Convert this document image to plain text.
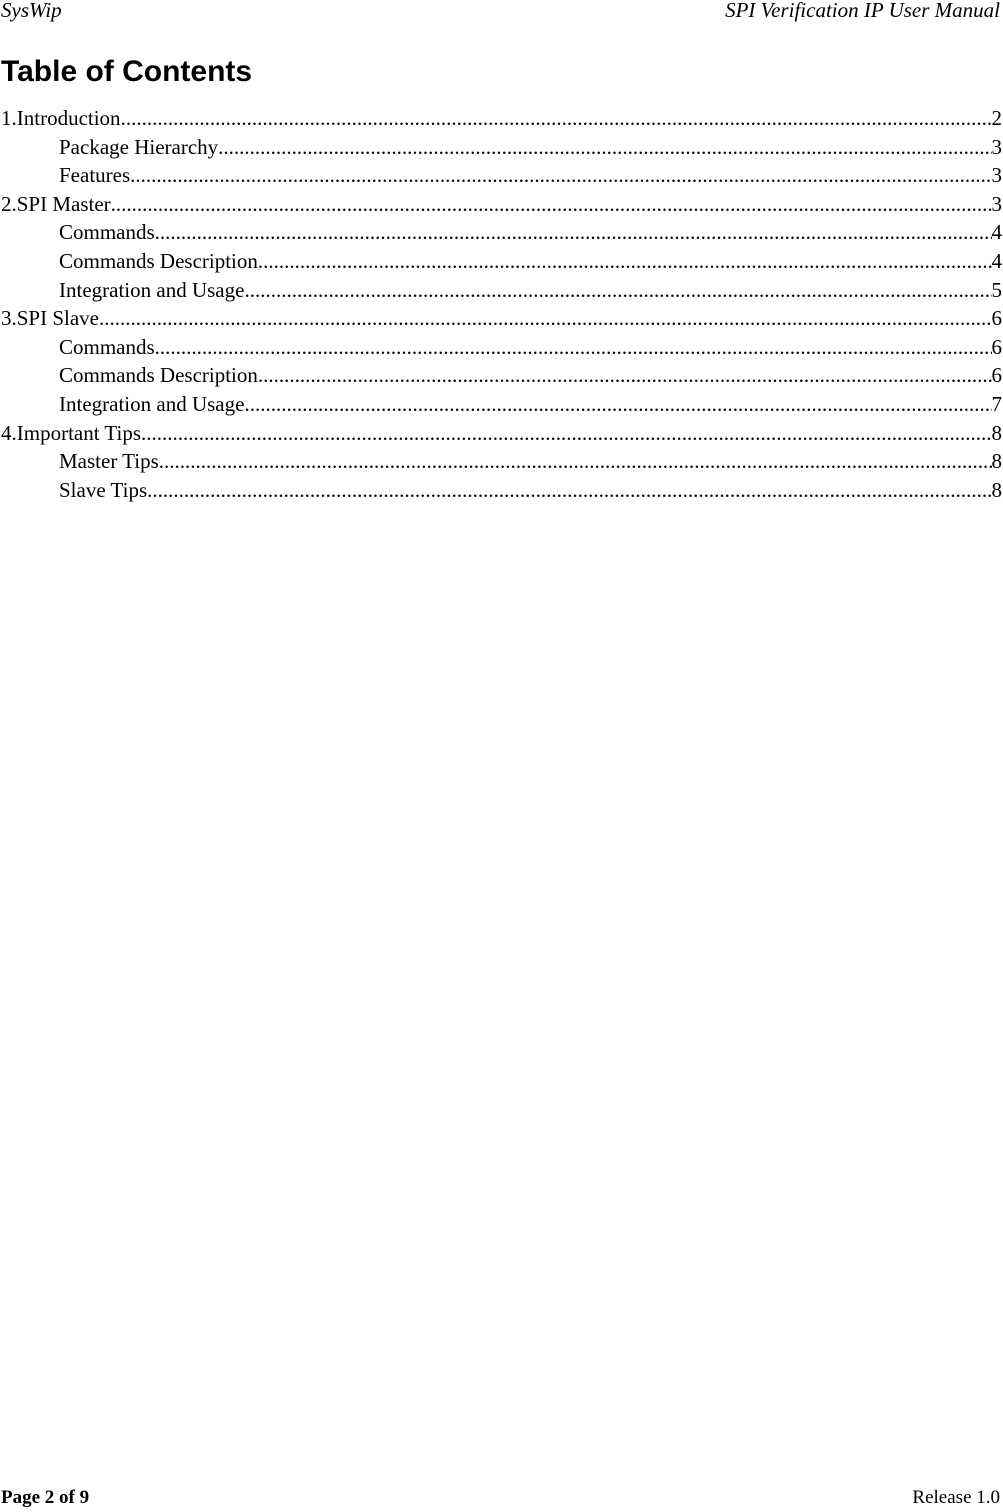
SysWip	SPI Verification IP User Manual
Table of Contents
1.Introduction .....	2
Package Hierarchy .....	3
Features .....	3
2.SPI Master .....	3
Commands .....	4
Commands Description .....	4
Integration and Usage .....	5
3.SPI Slave .....	6
Commands .....	6
Commands Description .....	6
Integration and Usage .....	7
4.Important Tips .....	8
Master Tips .....	8
Slave Tips .....	8
Page 2 of 9	Release 1.0
